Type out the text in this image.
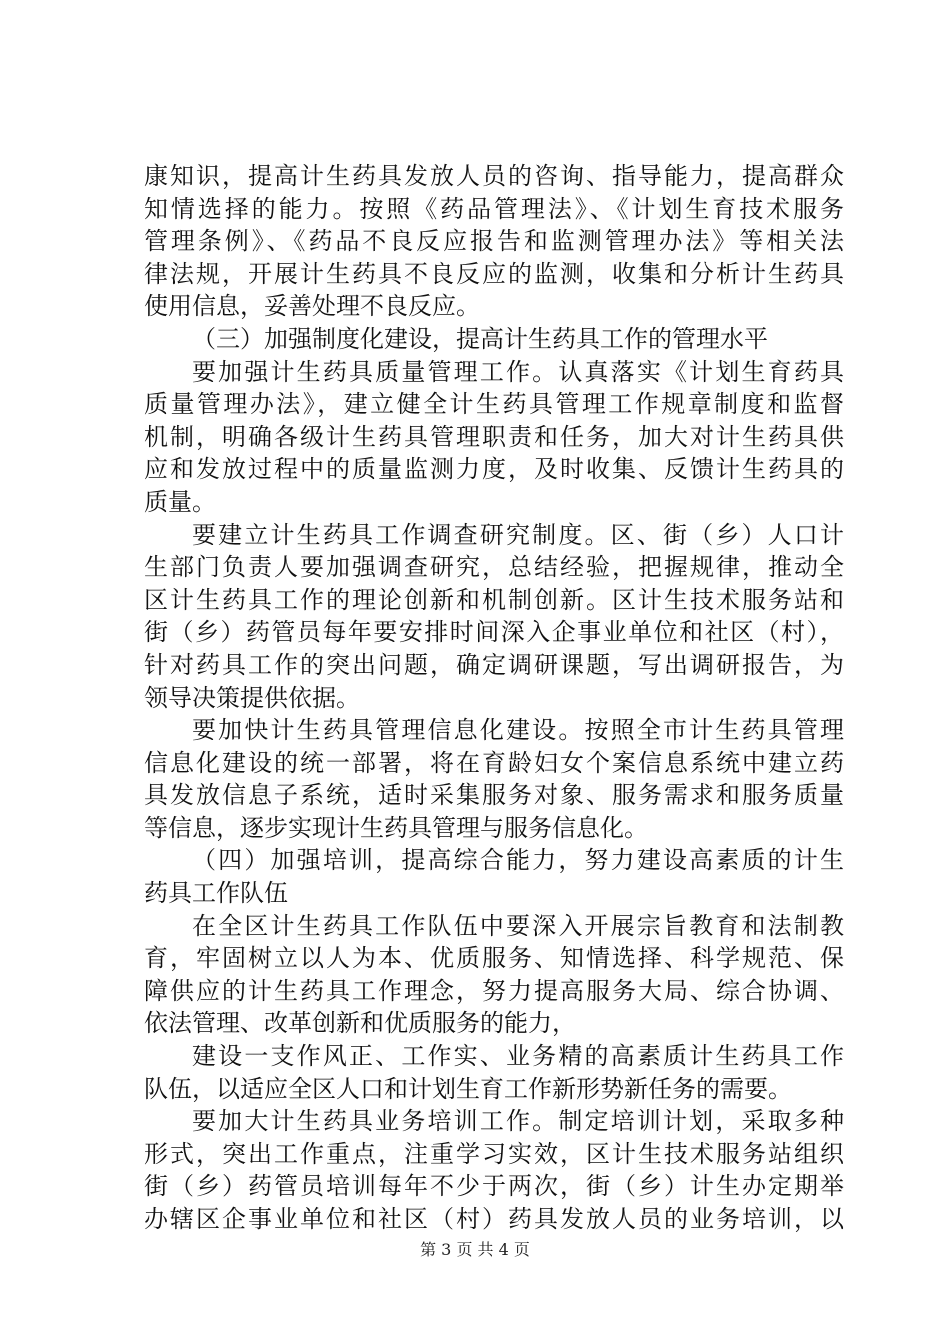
康知识，提高计生药具发放人员的咨询、指导能力，提高群众
知情选择的能力。按照《药品管理法》、《计划生育技术服务
管理条例》、《药品不良反应报告和监测管理办法》等相关法
律法规，开展计生药具不良反应的监测，收集和分析计生药具
使用信息，妥善处理不良反应。
（三）加强制度化建设，提高计生药具工作的管理水平
要加强计生药具质量管理工作。认真落实《计划生育药具
质量管理办法》，建立健全计生药具管理工作规章制度和监督
机制，明确各级计生药具管理职责和任务，加大对计生药具供
应和发放过程中的质量监测力度，及时收集、反馈计生药具的
质量。
要建立计生药具工作调查研究制度。区、街（乡）人口计
生部门负责人要加强调查研究，总结经验，把握规律，推动全
区计生药具工作的理论创新和机制创新。区计生技术服务站和
街（乡）药管员每年要安排时间深入企事业单位和社区（村），
针对药具工作的突出问题，确定调研课题，写出调研报告，为
领导决策提供依据。
要加快计生药具管理信息化建设。按照全市计生药具管理
信息化建设的统一部署，将在育龄妇女个案信息系统中建立药
具发放信息子系统，适时采集服务对象、服务需求和服务质量
等信息，逐步实现计生药具管理与服务信息化。
（四）加强培训，提高综合能力，努力建设高素质的计生
药具工作队伍
在全区计生药具工作队伍中要深入开展宗旨教育和法制教
育，牢固树立以人为本、优质服务、知情选择、科学规范、保
障供应的计生药具工作理念，努力提高服务大局、综合协调、
依法管理、改革创新和优质服务的能力，
建设一支作风正、工作实、业务精的高素质计生药具工作
队伍，以适应全区人口和计划生育工作新形势新任务的需要。
要加大计生药具业务培训工作。制定培训计划，采取多种
形式，突出工作重点，注重学习实效，区计生技术服务站组织
街（乡）药管员培训每年不少于两次，街（乡）计生办定期举
办辖区企事业单位和社区（村）药具发放人员的业务培训，以
第 3 页 共 4 页
